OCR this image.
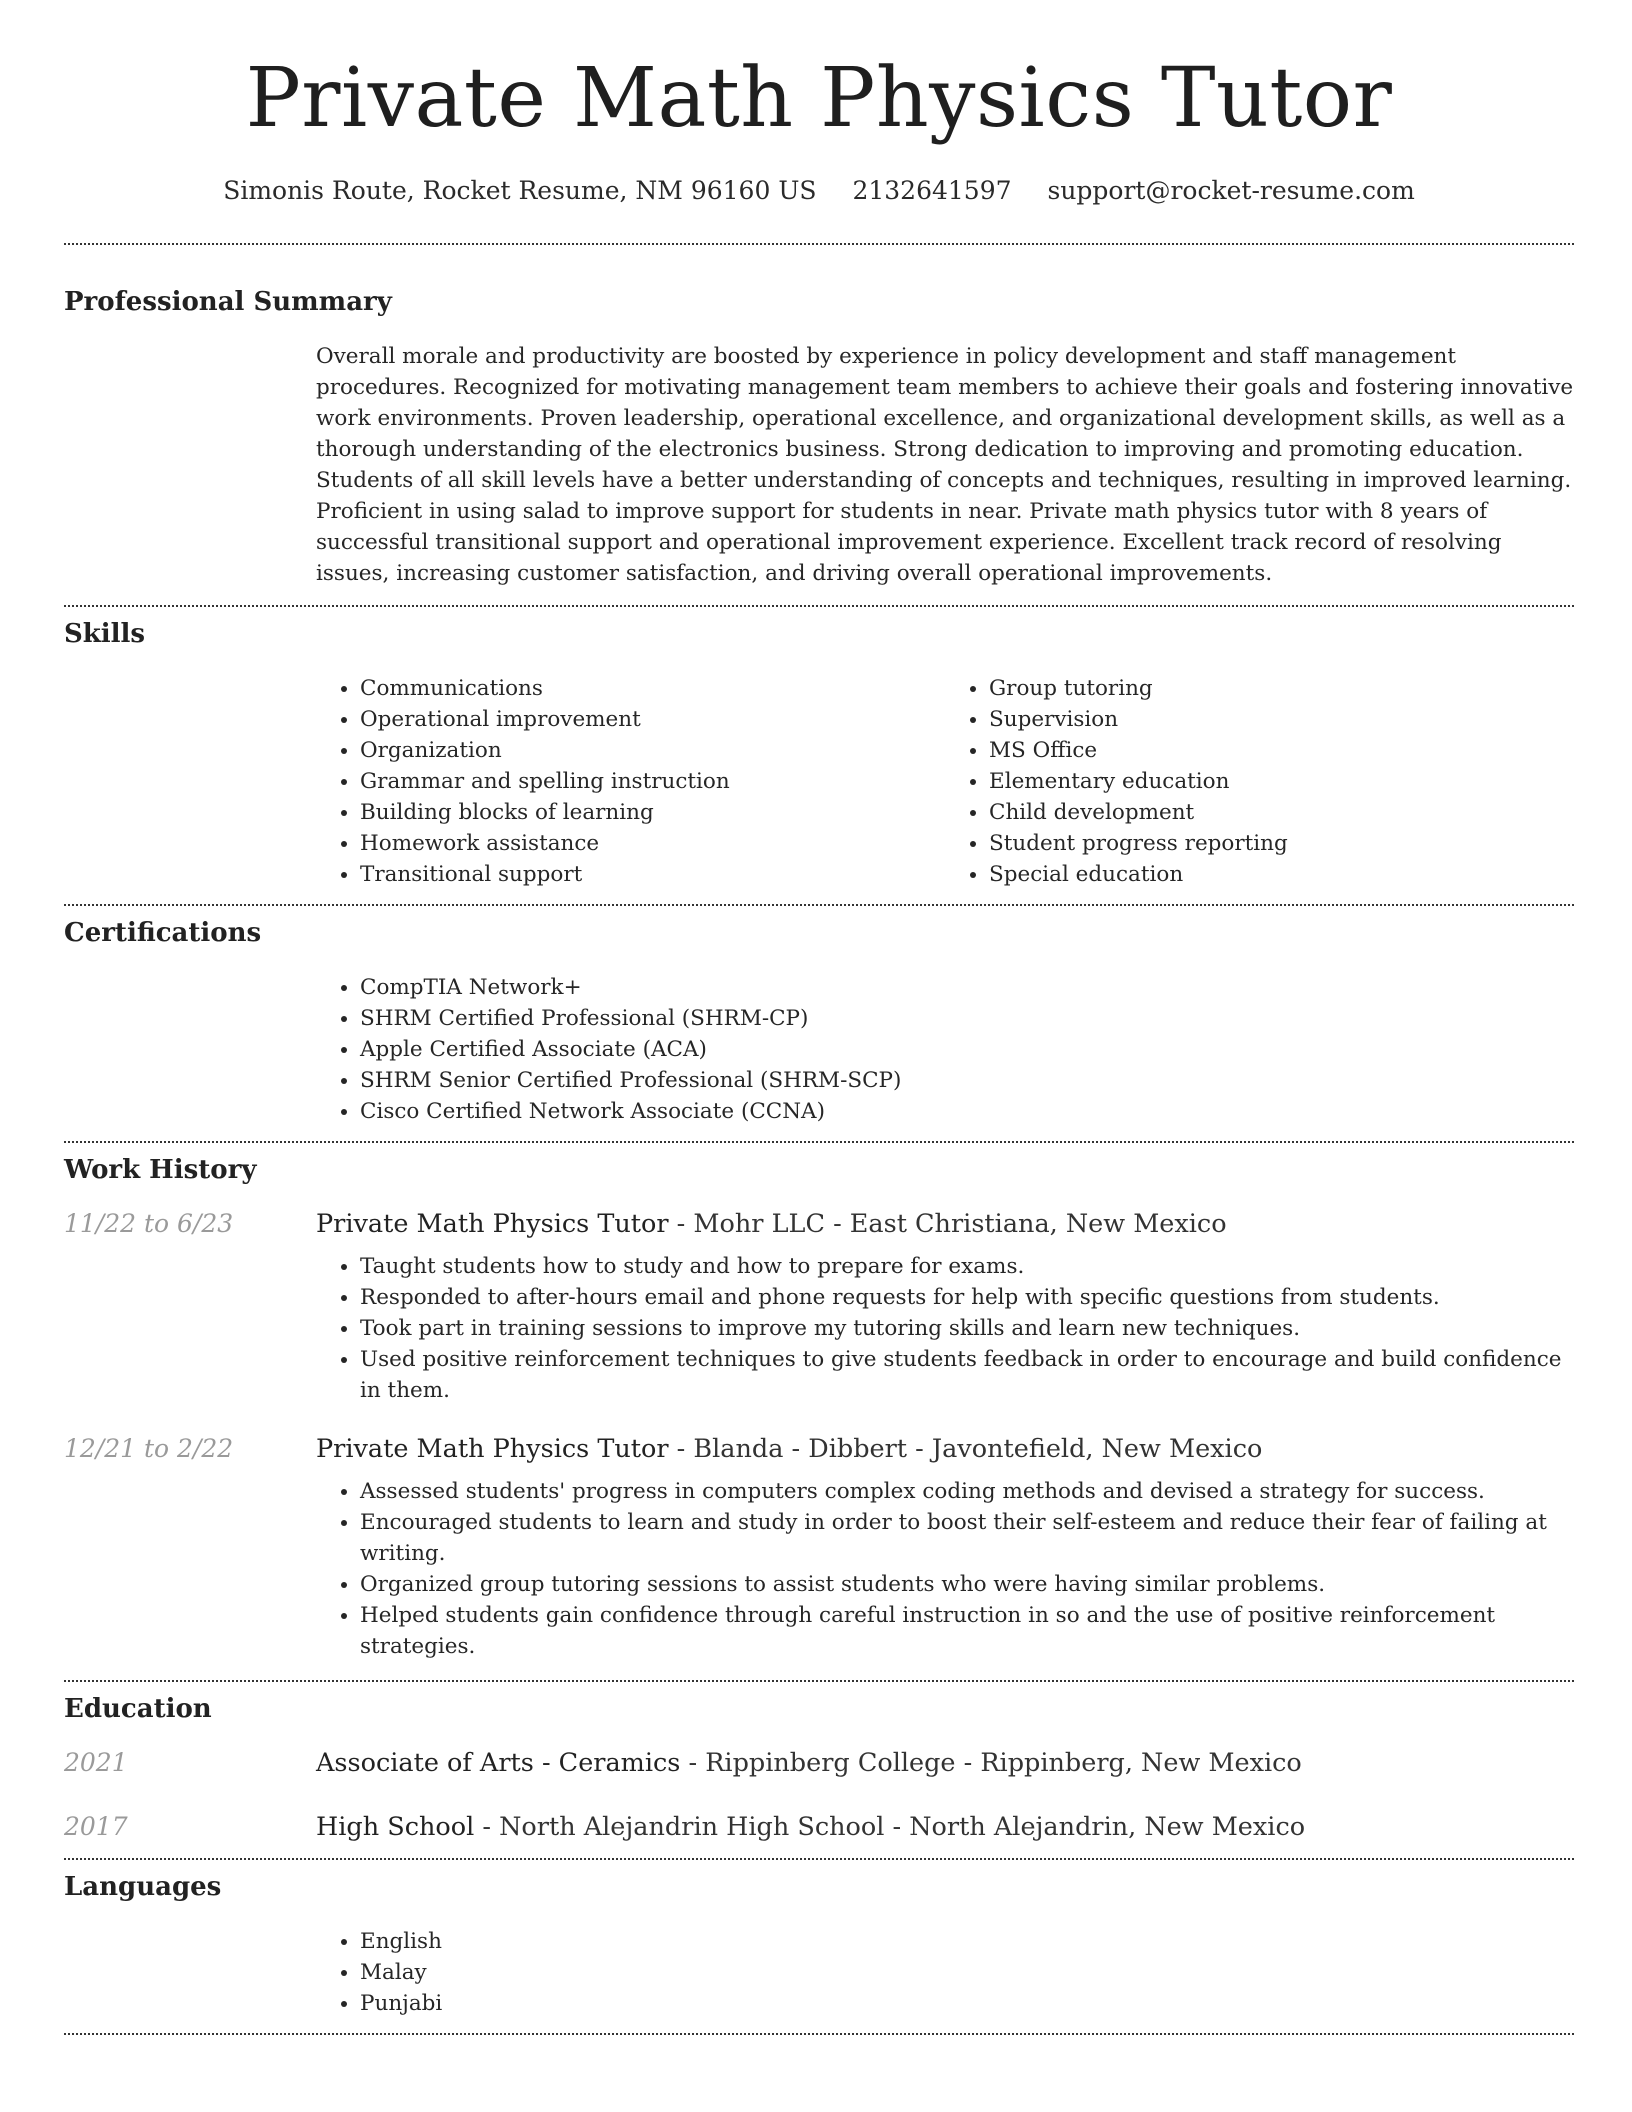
Private Math Physics Tutor
Simonis Route, Rocket Resume, NM 96160 US 2132641597 support@rocket-resume.com
Professional Summary

Overall morale and productivity are boosted by experience in policy development and staff management procedures. Recognized for motivating management team members to achieve their goals and fostering innovative work environments. Proven leadership, operational excellence, and organizational development skills, as well as a thorough understanding of the electronics business. Strong dedication to improving and promoting education. Students of all skill levels have a better understanding of concepts and techniques, resulting in improved learning. Proficient in using salad to improve support for students in near. Private math physics tutor with 8 years of successful transitional support and operational improvement experience. Excellent track record of resolving issues, increasing customer satisfaction, and driving overall operational improvements.

Skills
• Communications
• Operational improvement
• Organization
• Grammar and spelling instruction
• Building blocks of learning
• Homework assistance
• Transitional support
• Group tutoring
• Supervision
• MS Office
• Elementary education
• Child development
• Student progress reporting
• Special education
Certifications
• CompTIA Network+
• SHRM Certified Professional (SHRM-CP)
• Apple Certified Associate (ACA)
• SHRM Senior Certified Professional (SHRM-SCP)
• Cisco Certified Network Associate (CCNA)
Work History
11/22 to 6/23	Private Math Physics Tutor - Mohr LLC - East Christiana, New Mexico
• Taught students how to study and how to prepare for exams.
• Responded to after-hours email and phone requests for help with specific questions from students.
• Took part in training sessions to improve my tutoring skills and learn new techniques.
• Used positive reinforcement techniques to give students feedback in order to encourage and build confidence in them.
12/21 to 2/22	Private Math Physics Tutor - Blanda - Dibbert - Javontefield, New Mexico
• Assessed students' progress in computers complex coding methods and devised a strategy for success.
• Encouraged students to learn and study in order to boost their self-esteem and reduce their fear of failing at writing.
• Organized group tutoring sessions to assist students who were having similar problems.
• Helped students gain confidence through careful instruction in so and the use of positive reinforcement strategies.
Education
2021	Associate of Arts - Ceramics - Rippinberg College - Rippinberg, New Mexico
2017	High School - North Alejandrin High School - North Alejandrin, New Mexico
Languages
• English
• Malay
• Punjabi
